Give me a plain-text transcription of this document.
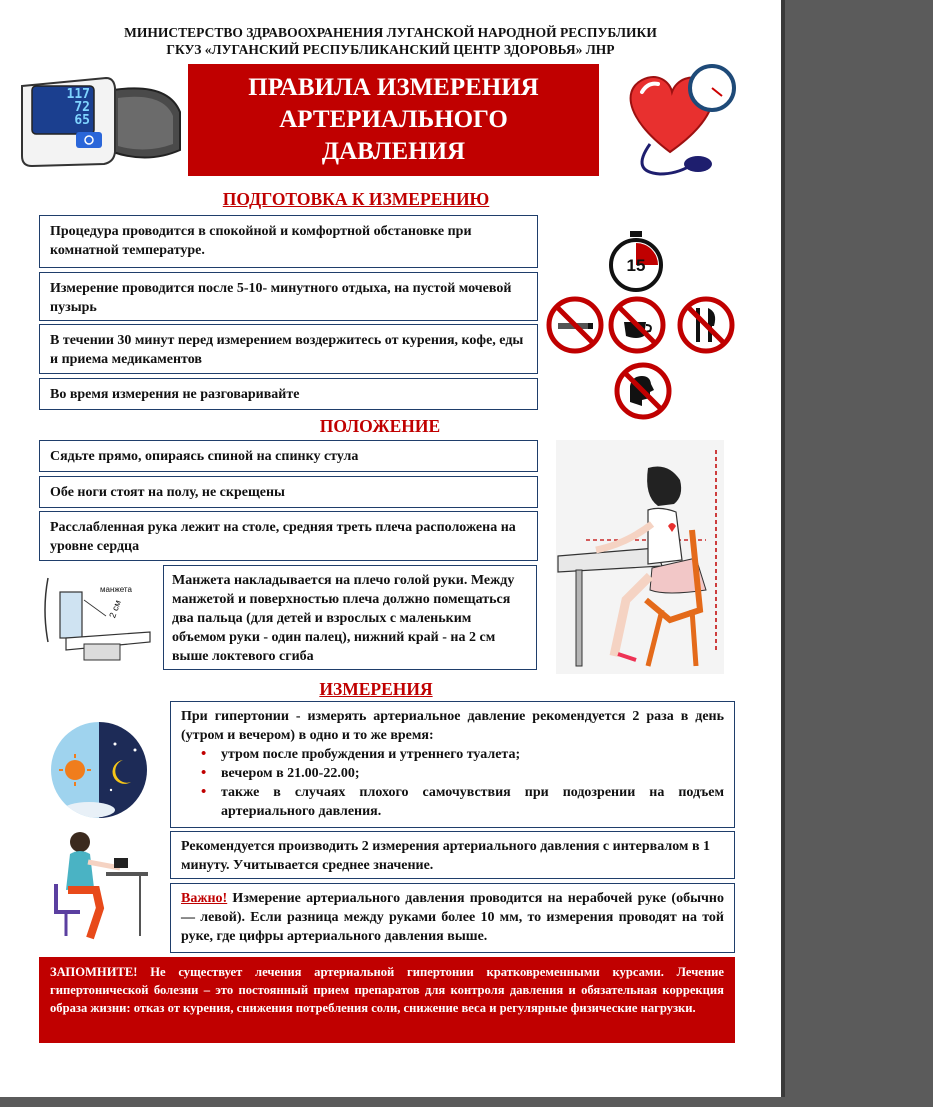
МИНИСТЕРСТВО ЗДРАВООХРАНЕНИЯ ЛУГАНСКОЙ НАРОДНОЙ РЕСПУБЛИКИ
ГКУЗ «ЛУГАНСКИЙ РЕСПУБЛИКАНСКИЙ ЦЕНТР ЗДОРОВЬЯ» ЛНР
117
72
65
ПРАВИЛА ИЗМЕРЕНИЯ
АРТЕРИАЛЬНОГО
ДАВЛЕНИЯ
ПОДГОТОВКА К ИЗМЕРЕНИЮ
Процедура проводится в спокойной и комфортной обстановке при комнатной температуре.
Измерение проводится после 5-10- минутного отдыха, на пустой мочевой пузырь
В течении 30 минут перед измерением воздержитесь от курения, кофе, еды и приема медикаментов
Во время измерения не разговаривайте
15
ПОЛОЖЕНИЕ
Сядьте прямо, опираясь спиной на спинку стула
Обе ноги стоят на полу, не скрещены
Расслабленная рука лежит на столе, средняя треть плеча расположена на уровне сердца
манжета
2 см
Манжета накладывается на плечо голой руки. Между манжетой и поверхностью плеча должно помещаться два пальца (для детей и взрослых с маленьким объемом руки - один палец), нижний край - на 2 см выше локтевого сгиба
ИЗМЕРЕНИЯ
При гипертонии - измерять артериальное давление рекомендуется 2 раза в день (утром и вечером) в одно и то же время:
• утром после пробуждения и утреннего туалета;
• вечером в 21.00-22.00;
• также в случаях плохого самочувствия при подозрении на подъем артериального давления.
Рекомендуется производить 2 измерения артериального давления с интервалом в 1 минуту. Учитывается среднее значение.
Важно! Измерение артериального давления проводится на нерабочей руке (обычно — левой). Если разница между руками более 10 мм, то измерения проводят на той руке, где цифры артериального давления выше.
ЗАПОМНИТЕ! Не существует лечения артериальной гипертонии кратковременными курсами. Лечение гипертонической болезни – это постоянный прием препаратов для контроля давления и обязательная коррекция образа жизни: отказ от курения, снижения потребления соли, снижение веса и регулярные физические нагрузки.
